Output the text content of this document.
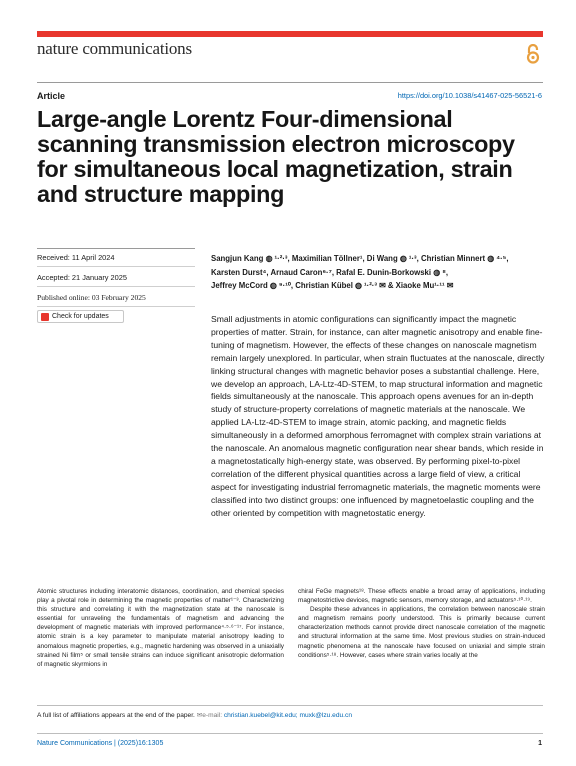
nature communications
Article	https://doi.org/10.1038/s41467-025-56521-6
Large-angle Lorentz Four-dimensional scanning transmission electron microscopy for simultaneous local magnetization, strain and structure mapping
Received: 11 April 2024
Accepted: 21 January 2025
Published online: 03 February 2025
Check for updates
Sangjun Kang ◍ ¹·²·³, Maximilian Töllner¹, Di Wang ◍ ¹·³, Christian Minnert ◍ ⁴·⁵,
Karsten Durst⁴, Arnaud Caron⁶·⁷, Rafal E. Dunin-Borkowski ◍ ⁸,
Jeffrey McCord ◍ ⁹·¹⁰, Christian Kübel ◍ ¹·²·³ ✉ & Xiaoke Mu¹·¹¹ ✉
Small adjustments in atomic configurations can significantly impact the magnetic properties of matter. Strain, for instance, can alter magnetic anisotropy and enable fine-tuning of magnetism. However, the effects of these changes on nanoscale magnetism remain largely unexplored. In particular, when strain fluctuates at the nanoscale, directly linking structural changes with magnetic behavior poses a substantial challenge. Here, we develop an approach, LA-Ltz-4D-STEM, to map structural information and magnetic fields simultaneously at the nanoscale. This approach opens avenues for an in-depth study of structure-property correlations of magnetic materials at the nanoscale. We applied LA-Ltz-4D-STEM to image strain, atomic packing, and magnetic fields simultaneously in a deformed amorphous ferromagnet with complex strain variations at the nanoscale. An anomalous magnetic configuration near shear bands, which reside in a magnetostatically high-energy state, was observed. By performing pixel-to-pixel correlation of the different physical quantities across a large field of view, a critical aspect for investigating industrial ferromagnetic materials, the magnetic moments were classified into two distinct groups: one influenced by magnetoelastic coupling and the other oriented by competition with magnetostatic energy.

Atomic structures including interatomic distances, coordination, and chemical species play a pivotal role in determining the magnetic properties of matter¹⁻³. Characterizing this structure and correlating it with the magnetization state at the nanoscale is essential for unraveling the fundamentals of magnetism and advancing the development of magnetic materials with improved performance⁴·⁵·⁶⁻¹⁷. For instance, atomic strain is a key parameter to manipulate material anisotropy leading to anomalous magnetic properties, e.g., magnetic hardening was observed in a uniaxially strained Ni film⁵ or small tensile strains can induce significant anisotropic deformation of magnetic skyrmions in

chiral FeGe magnets¹⁸. These effects enable a broad array of applications, including magnetostrictive devices, magnetic sensors, memory storage, and actuators⁵·¹⁰·¹⁹.

Despite these advances in applications, the correlation between nanoscale strain and magnetism remains poorly understood. This is primarily because current characterization methods cannot provide direct nanoscale correlation of the magnetic and structural information at the same time. Most previous studies on strain-induced magnetic phenomena at the nanoscale have focused on uniaxial and simple strain conditions⁵·¹⁸. However, cases where strain varies locally at the

A full list of affiliations appears at the end of the paper. ✉e-mail: christian.kuebel@kit.edu; muxk@lzu.edu.cn
Nature Communications | (2025)16:1305	1
